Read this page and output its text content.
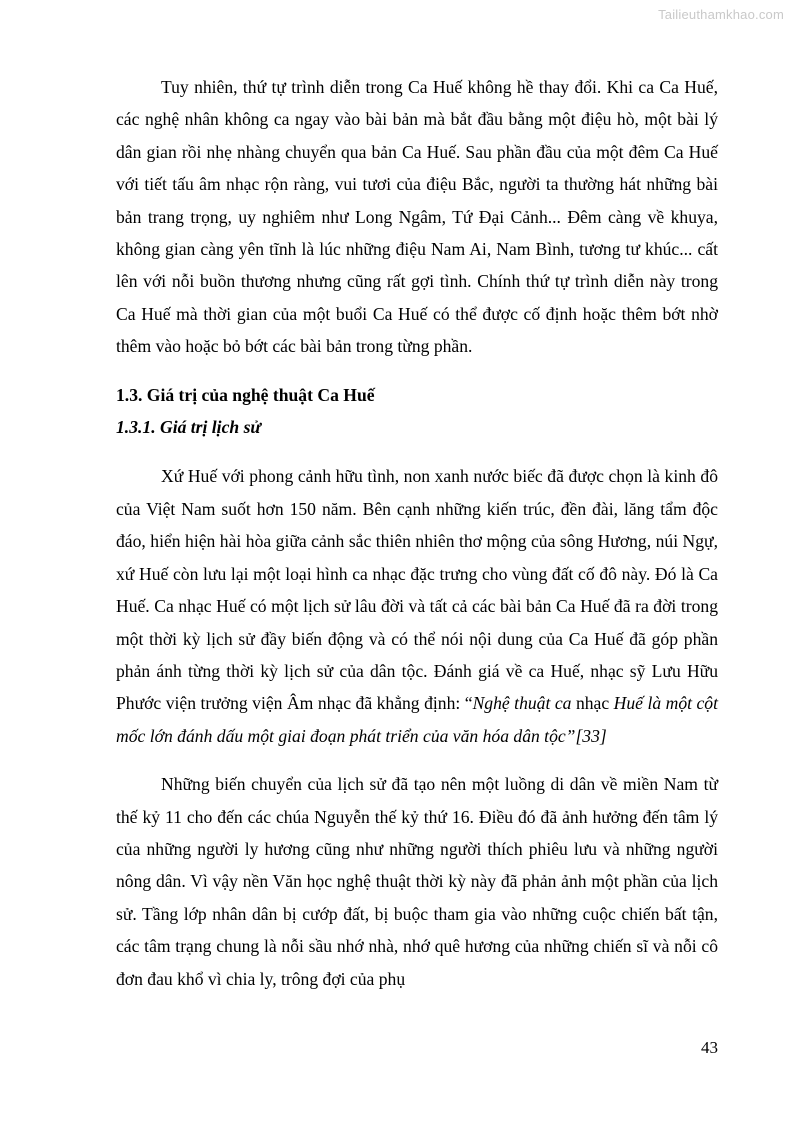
Tailieuthamkhao.com

Tuy nhiên, thứ tự trình diễn trong Ca Huế không hề thay đổi. Khi ca Ca Huế, các nghệ nhân không ca ngay vào bài bản mà bắt đầu bằng một điệu hò, một bài lý dân gian rồi nhẹ nhàng chuyển qua bản Ca Huế. Sau phần đầu của một đêm Ca Huế với tiết tấu âm nhạc rộn ràng, vui tươi của điệu Bắc, người ta thường hát những bài bản trang trọng, uy nghiêm như Long Ngâm, Tứ Đại Cảnh... Đêm càng về khuya, không gian càng yên tĩnh là lúc những điệu Nam Ai, Nam Bình, tương tư khúc... cất lên với nỗi buồn thương nhưng cũng rất gợi tình. Chính thứ tự trình diễn này trong Ca Huế mà thời gian của một buổi Ca Huế có thể được cố định hoặc thêm bớt nhờ thêm vào hoặc bỏ bớt các bài bản trong từng phần.

1.3. Giá trị của nghệ thuật Ca Huế

1.3.1. Giá trị lịch sử

Xứ Huế với phong cảnh hữu tình, non xanh nước biếc đã được chọn là kinh đô của Việt Nam suốt hơn 150 năm. Bên cạnh những kiến trúc, đền đài, lăng tẩm độc đáo, hiển hiện hài hòa giữa cảnh sắc thiên nhiên thơ mộng của sông Hương, núi Ngự, xứ Huế còn lưu lại một loại hình ca nhạc đặc trưng cho vùng đất cố đô này. Đó là Ca Huế. Ca nhạc Huế có một lịch sử lâu đời và tất cả các bài bản Ca Huế đã ra đời trong một thời kỳ lịch sử đầy biến động và có thể nói nội dung của Ca Huế đã góp phần phản ánh từng thời kỳ lịch sử của dân tộc. Đánh giá về ca Huế, nhạc sỹ Lưu Hữu Phước viện trưởng viện Âm nhạc đã khẳng định: “Nghệ thuật ca nhạc Huế là một cột mốc lớn đánh dấu một giai đoạn phát triển của văn hóa dân tộc”[33]

Những biến chuyển của lịch sử đã tạo nên một luồng di dân về miền Nam từ thế kỷ 11 cho đến các chúa Nguyễn thế kỷ thứ 16. Điều đó đã ảnh hưởng đến tâm lý của những người ly hương cũng như những người thích phiêu lưu và những người nông dân. Vì vậy nền Văn học nghệ thuật thời kỳ này đã phản ảnh một phần của lịch sử. Tầng lớp nhân dân bị cướp đất, bị buộc tham gia vào những cuộc chiến bất tận, các tâm trạng chung là nỗi sầu nhớ nhà, nhớ quê hương của những chiến sĩ và nỗi cô đơn đau khổ vì chia ly, trông đợi của phụ

43
